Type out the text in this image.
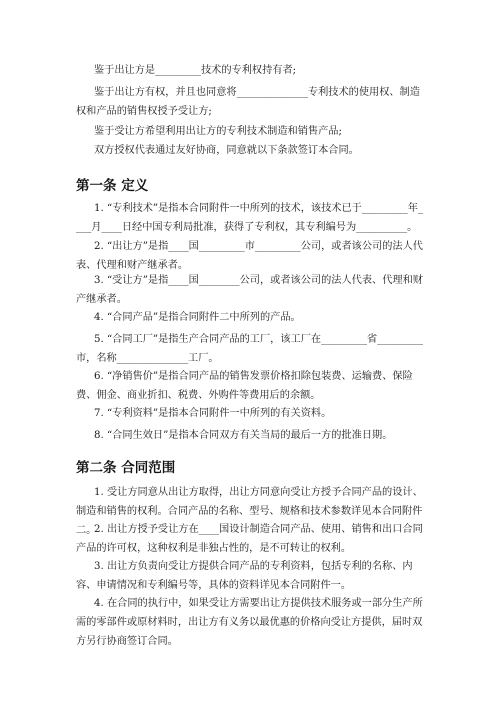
鉴于出让方是_________技术的专利权持有者;

鉴于出让方有权，并且也同意将______________专利技术的使用权、制造权和产品的销售权授予受让方;

鉴于受让方希望利用出让方的专利技术制造和销售产品;

双方授权代表通过友好协商，同意就以下条款签订本合同。

第一条 定义

1. “专利技术”是指本合同附件一中所列的技术，该技术已于_________年____月____日经中国专利局批准，获得了专利权，其专利编号为__________。

2. “出让方”是指____国_________市_________公司，或者该公司的法人代表、代理和财产继承者。

3. “受让方”是指____国________公司，或者该公司的法人代表、代理和财产继承者。

4. “合同产品”是指合同附件二中所列的产品。

5. “合同工厂”是指生产合同产品的工厂，该工厂在_________省_________市，名称______________工厂。

6. “净销售价”是指合同产品的销售发票价格扣除包装费、运输费、保险费、佣金、商业折扣、税费、外购件等费用后的余额。

7. “专利资料”是指本合同附件一中所列的有关资料。

8. “合同生效日”是指本合同双方有关当局的最后一方的批准日期。

第二条 合同范围

1. 受让方同意从出让方取得，出让方同意向受让方授予合同产品的设计、制造和销售的权利。合同产品的名称、型号、规格和技术参数详见本合同附件二。

2. 出让方授予受让方在____国设计制造合同产品、使用、销售和出口合同产品的许可权，这种权利是非独占性的，是不可转让的权利。

3. 出让方负责向受让方提供合同产品的专利资料，包括专利的名称、内容、申请情况和专利编号等，具体的资料详见本合同附件一。

4. 在合同的执行中，如果受让方需要出让方提供技术服务或一部分生产所需的零部件或原材料时，出让方有义务以最优惠的价格向受让方提供，届时双方另行协商签订合同。
